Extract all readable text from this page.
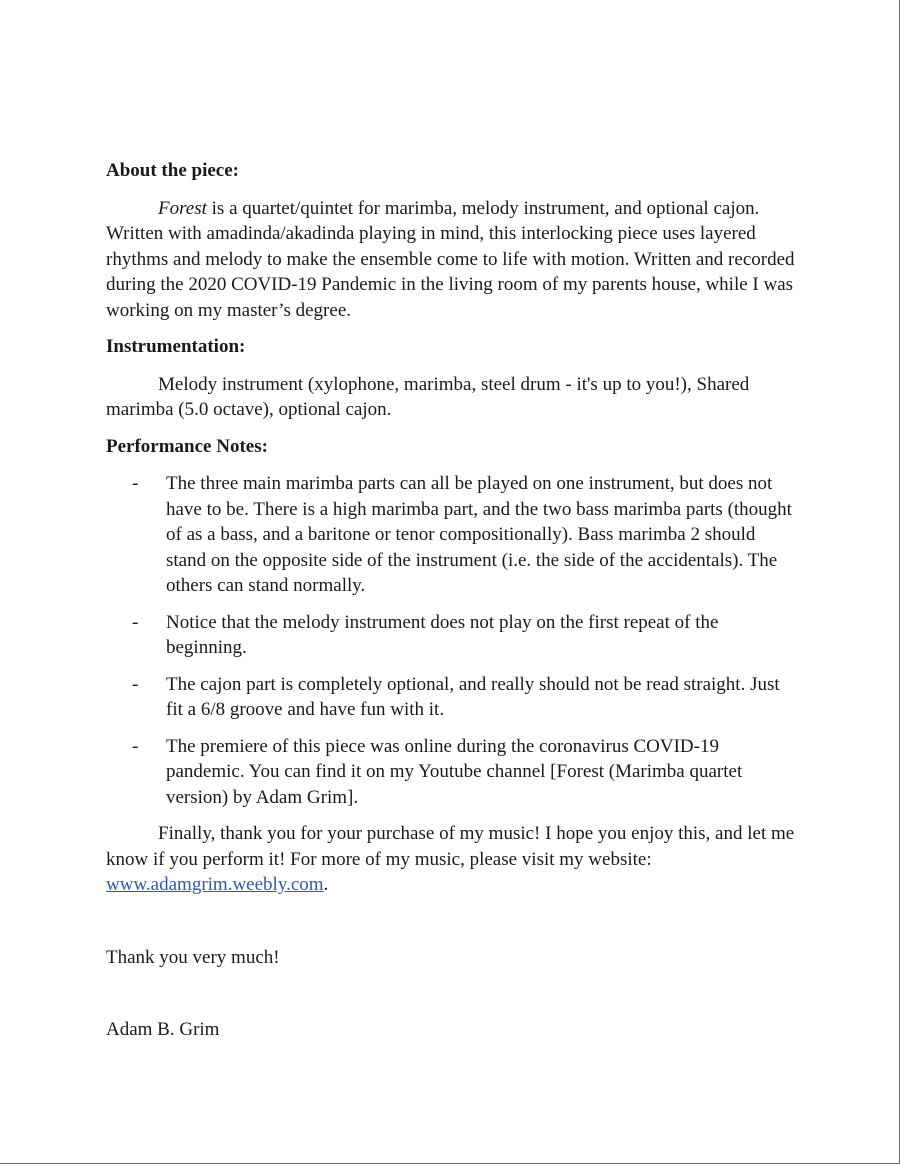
About the piece:

Forest is a quartet/quintet for marimba, melody instrument, and optional cajon. Written with amadinda/akadinda playing in mind, this interlocking piece uses layered rhythms and melody to make the ensemble come to life with motion. Written and recorded during the 2020 COVID-19 Pandemic in the living room of my parents house, while I was working on my master’s degree.

Instrumentation:

Melody instrument (xylophone, marimba, steel drum - it's up to you!), Shared marimba (5.0 octave), optional cajon.

Performance Notes:
- The three main marimba parts can all be played on one instrument, but does not have to be. There is a high marimba part, and the two bass marimba parts (thought of as a bass, and a baritone or tenor compositionally). Bass marimba 2 should stand on the opposite side of the instrument (i.e. the side of the accidentals). The others can stand normally.
- Notice that the melody instrument does not play on the first repeat of the beginning.
- The cajon part is completely optional, and really should not be read straight. Just fit a 6/8 groove and have fun with it.
- The premiere of this piece was online during the coronavirus COVID-19 pandemic. You can find it on my Youtube channel [Forest (Marimba quartet version) by Adam Grim].

Finally, thank you for your purchase of my music! I hope you enjoy this, and let me know if you perform it! For more of my music, please visit my website: www.adamgrim.weebly.com.

Thank you very much!

Adam B. Grim
